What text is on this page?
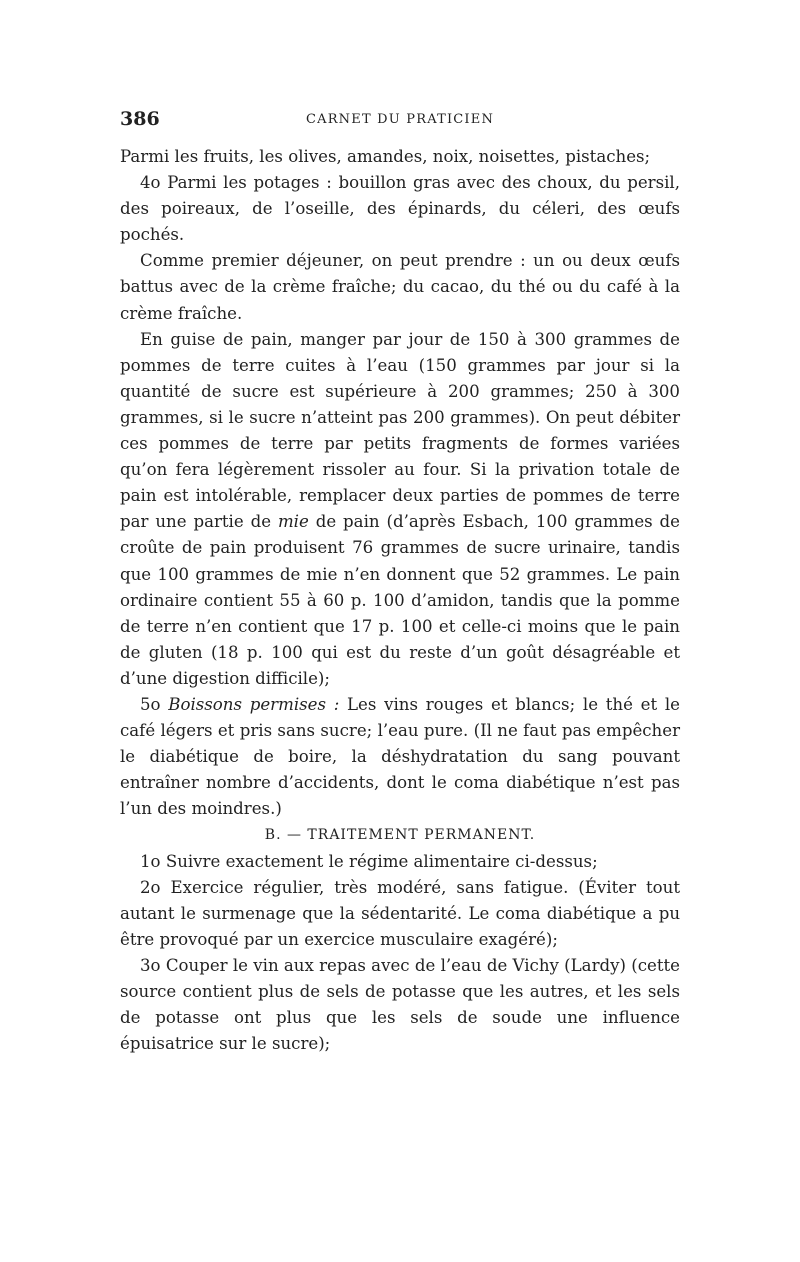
386	CARNET DU PRATICIEN

Parmi les fruits, les olives, amandes, noix, noisettes, pistaches;

4o Parmi les potages : bouillon gras avec des choux, du persil, des poireaux, de l’oseille, des épinards, du céleri, des œufs pochés.

Comme premier déjeuner, on peut prendre : un ou deux œufs battus avec de la crème fraîche; du cacao, du thé ou du café à la crème fraîche.

En guise de pain, manger par jour de 150 à 300 grammes de pommes de terre cuites à l’eau (150 grammes par jour si la quantité de sucre est supérieure à 200 grammes; 250 à 300 grammes, si le sucre n’atteint pas 200 grammes). On peut débiter ces pommes de terre par petits fragments de formes variées qu’on fera légèrement rissoler au four. Si la privation totale de pain est intolérable, remplacer deux parties de pommes de terre par une partie de mie de pain (d’après Esbach, 100 grammes de croûte de pain produisent 76 grammes de sucre urinaire, tandis que 100 grammes de mie n’en donnent que 52 grammes. Le pain ordinaire contient 55 à 60 p. 100 d’amidon, tandis que la pomme de terre n’en contient que 17 p. 100 et celle-ci moins que le pain de gluten (18 p. 100 qui est du reste d’un goût désagréable et d’une digestion difficile);

5o Boissons permises : Les vins rouges et blancs; le thé et le café légers et pris sans sucre; l’eau pure. (Il ne faut pas empêcher le diabétique de boire, la déshydratation du sang pouvant entraîner nombre d’accidents, dont le coma diabétique n’est pas l’un des moindres.)

B. — TRAITEMENT PERMANENT.

1o Suivre exactement le régime alimentaire ci-dessus;

2o Exercice régulier, très modéré, sans fatigue. (Éviter tout autant le surmenage que la sédentarité. Le coma diabétique a pu être provoqué par un exercice musculaire exagéré);

3o Couper le vin aux repas avec de l’eau de Vichy (Lardy) (cette source contient plus de sels de potasse que les autres, et les sels de potasse ont plus que les sels de soude une influence épuisatrice sur le sucre);
